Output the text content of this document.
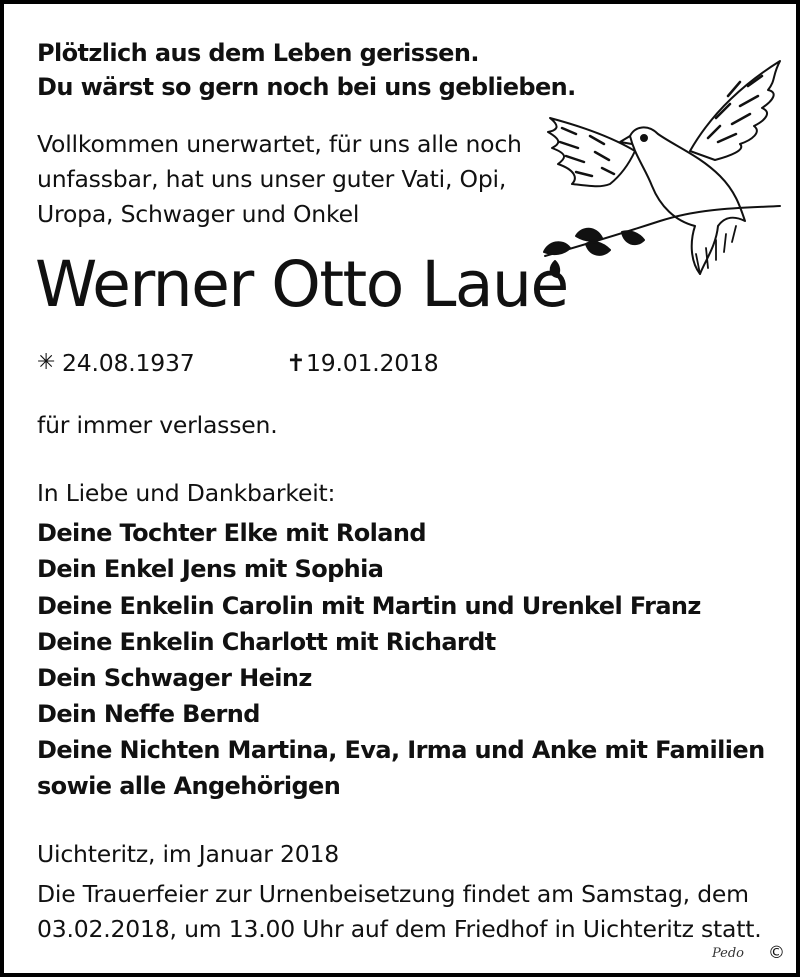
Plötzlich aus dem Leben gerissen.

Du wärst so gern noch bei uns geblieben.

Vollkommen unerwartet, für uns alle noch

unfassbar, hat uns unser guter Vati, Opi,

Uropa, Schwager und Onkel

Werner Otto Laue

✳ 24.08.1937	✝ 19.01.2018

für immer verlassen.

In Liebe und Dankbarkeit:

Deine Tochter Elke mit Roland

Dein Enkel Jens mit Sophia

Deine Enkelin Carolin mit Martin und Urenkel Franz

Deine Enkelin Charlott mit Richardt

Dein Schwager Heinz

Dein Neffe Bernd

Deine Nichten Martina, Eva, Irma und Anke mit Familien

sowie alle Angehörigen

Uichteritz, im Januar 2018

Die Trauerfeier zur Urnenbeisetzung findet am Samstag, dem

03.02.2018, um 13.00 Uhr auf dem Friedhof in Uichteritz statt.

Pedo ©
